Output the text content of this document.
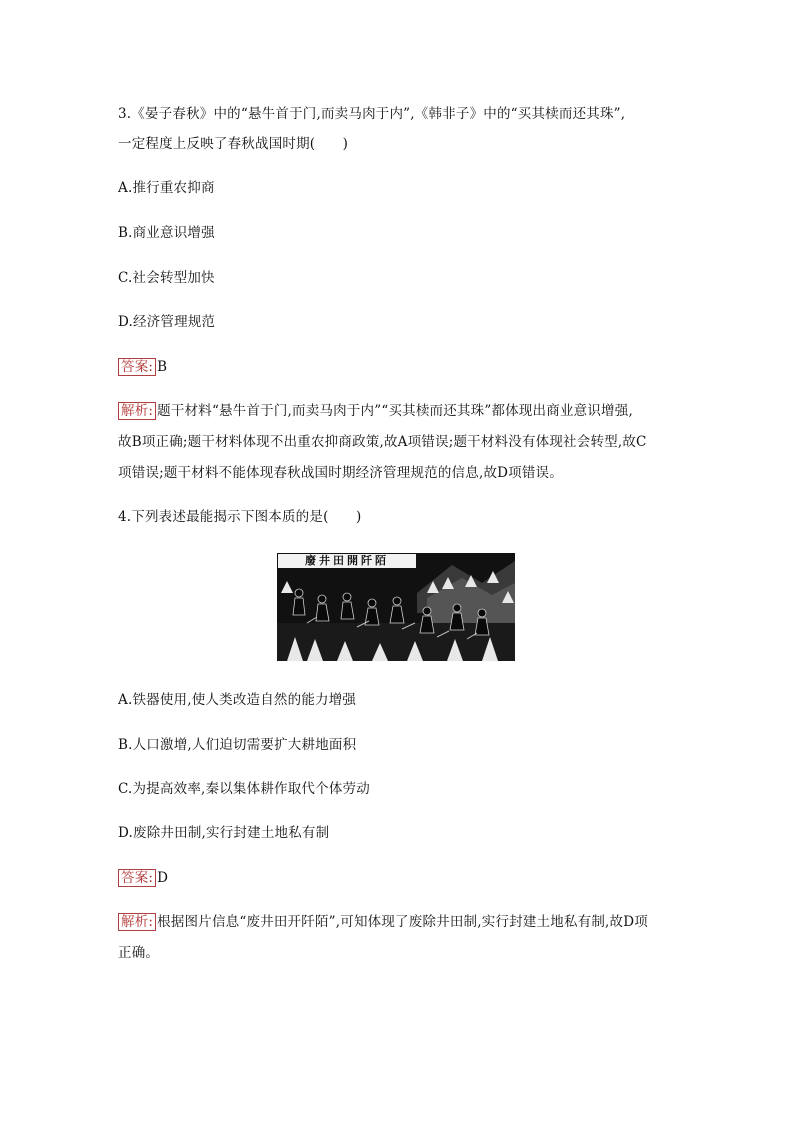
3.《晏子春秋》中的“悬牛首于门,而卖马肉于内”,《韩非子》中的“买其椟而还其珠”,
一定程度上反映了春秋战国时期(　　)
A.推行重农抑商
B.商业意识增强
C.社会转型加快
D.经济管理规范
答案: B
解析: 题干材料“悬牛首于门,而卖马肉于内”“买其椟而还其珠”都体现出商业意识增强,
故B项正确;题干材料体现不出重农抑商政策,故A项错误;题干材料没有体现社会转型,故C
项错误;题干材料不能体现春秋战国时期经济管理规范的信息,故D项错误。
4.下列表述最能揭示下图本质的是(　　)
廢井田開阡陌
A.铁器使用,使人类改造自然的能力增强
B.人口激增,人们迫切需要扩大耕地面积
C.为提高效率,秦以集体耕作取代个体劳动
D.废除井田制,实行封建土地私有制
答案: D
解析: 根据图片信息“废井田开阡陌”,可知体现了废除井田制,实行封建土地私有制,故D项
正确。
